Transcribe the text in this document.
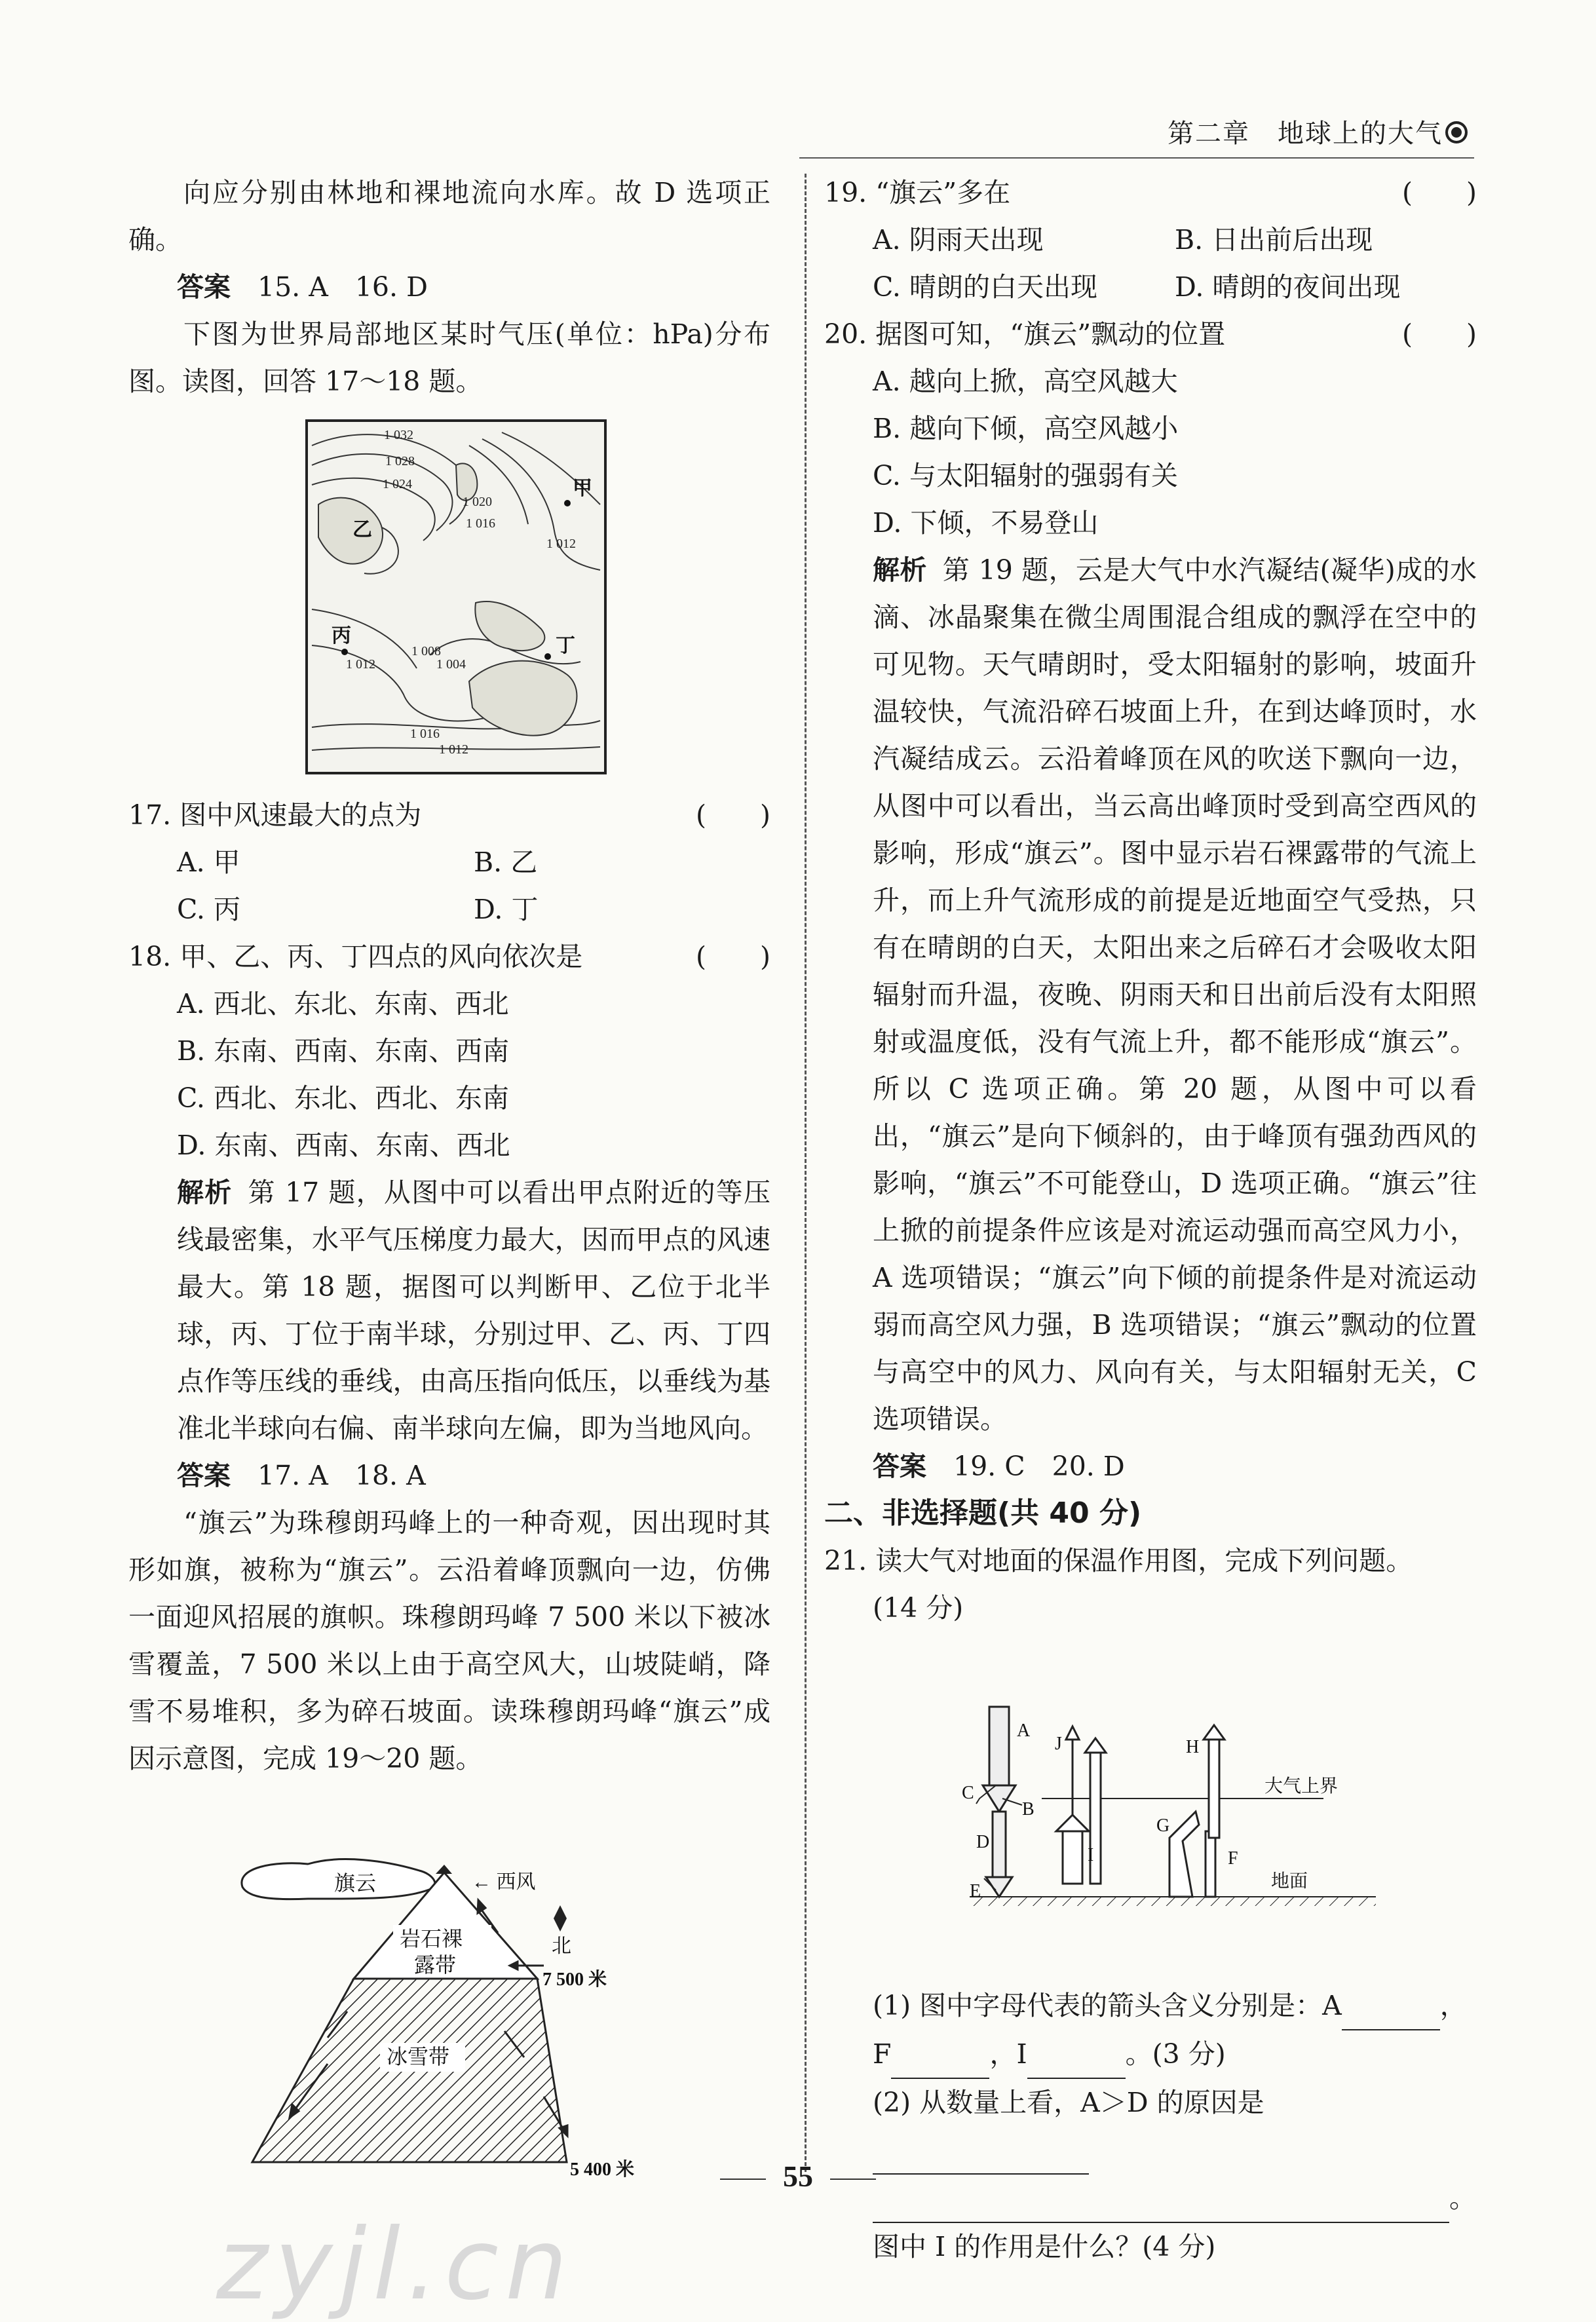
第二章　地球上的大气

向应分别由林地和裸地流向水库。故 D 选项正确。

答案　 15. A　16. D

下图为世界局部地区某时气压(单位：hPa)分布图。读图，回答 17～18 题。

1 032
1 028
1 024
1 020
1 016
1 012
1 008
1 012	1 004
1 016
1 012
甲
乙
丙	丁

17. 图中风速最大的点为	(　　)

A. 甲	B. 乙
C. 丙	D. 丁

18. 甲、乙、丙、丁四点的风向依次是	(　　)

A. 西北、东北、东南、西北

B. 东南、西南、东南、西南

C. 西北、东北、西北、东南

D. 东南、西南、东南、西北

解析 第 17 题，从图中可以看出甲点附近的等压线最密集，水平气压梯度力最大，因而甲点的风速最大。第 18 题，据图可以判断甲、乙位于北半球，丙、丁位于南半球，分别过甲、乙、丙、丁四点作等压线的垂线，由高压指向低压，以垂线为基准北半球向右偏、南半球向左偏，即为当地风向。

答案　 17. A　18. A

“旗云”为珠穆朗玛峰上的一种奇观，因出现时其形如旗，被称为“旗云”。云沿着峰顶飘向一边，仿佛一面迎风招展的旗帜。珠穆朗玛峰 7 500 米以下被冰雪覆盖，7 500 米以上由于高空风大，山坡陡峭，降雪不易堆积，多为碎石坡面。读珠穆朗玛峰“旗云”成因示意图，完成 19～20 题。

旗云	← 西风
岩石裸
露带
冰雪带
7 500 米
5 400 米
北

19. “旗云”多在	(　　)

A. 阴雨天出现	B. 日出前后出现
C. 晴朗的白天出现	D. 晴朗的夜间出现

20. 据图可知，“旗云”飘动的位置	(　　)

A. 越向上掀，高空风越大

B. 越向下倾，高空风越小

C. 与太阳辐射的强弱有关

D. 下倾，不易登山

解析 第 19 题，云是大气中水汽凝结(凝华)成的水滴、冰晶聚集在微尘周围混合组成的飘浮在空中的可见物。天气晴朗时，受太阳辐射的影响，坡面升温较快，气流沿碎石坡面上升，在到达峰顶时，水汽凝结成云。云沿着峰顶在风的吹送下飘向一边，从图中可以看出，当云高出峰顶时受到高空西风的影响，形成“旗云”。图中显示岩石裸露带的气流上升，而上升气流形成的前提是近地面空气受热，只有在晴朗的白天，太阳出来之后碎石才会吸收太阳辐射而升温，夜晚、阴雨天和日出前后没有太阳照射或温度低，没有气流上升，都不能形成“旗云”。所以 C 选项正确。第 20 题，从图中可以看出，“旗云”是向下倾斜的，由于峰顶有强劲西风的影响，“旗云”不可能登山，D 选项正确。“旗云”往上掀的前提条件应该是对流运动强而高空风力小，A 选项错误；“旗云”向下倾的前提条件是对流运动弱而高空风力强，B 选项错误；“旗云”飘动的位置与高空中的风力、风向有关，与太阳辐射无关，C 选项错误。

答案　 19. C　20. D

二、非选择题(共 40 分)

21. 读大气对地面的保温作用图，完成下列问题。

(14 分)

A
B
C
D
E
F
G
H
I
J
大气上界
地面

(1) 图中字母代表的箭头含义分别是：A	，

F	，I	。(3 分)

(2) 从数量上看，A＞D 的原因是

。

图中 I 的作用是什么？(4 分)

55
zyjl.cn
